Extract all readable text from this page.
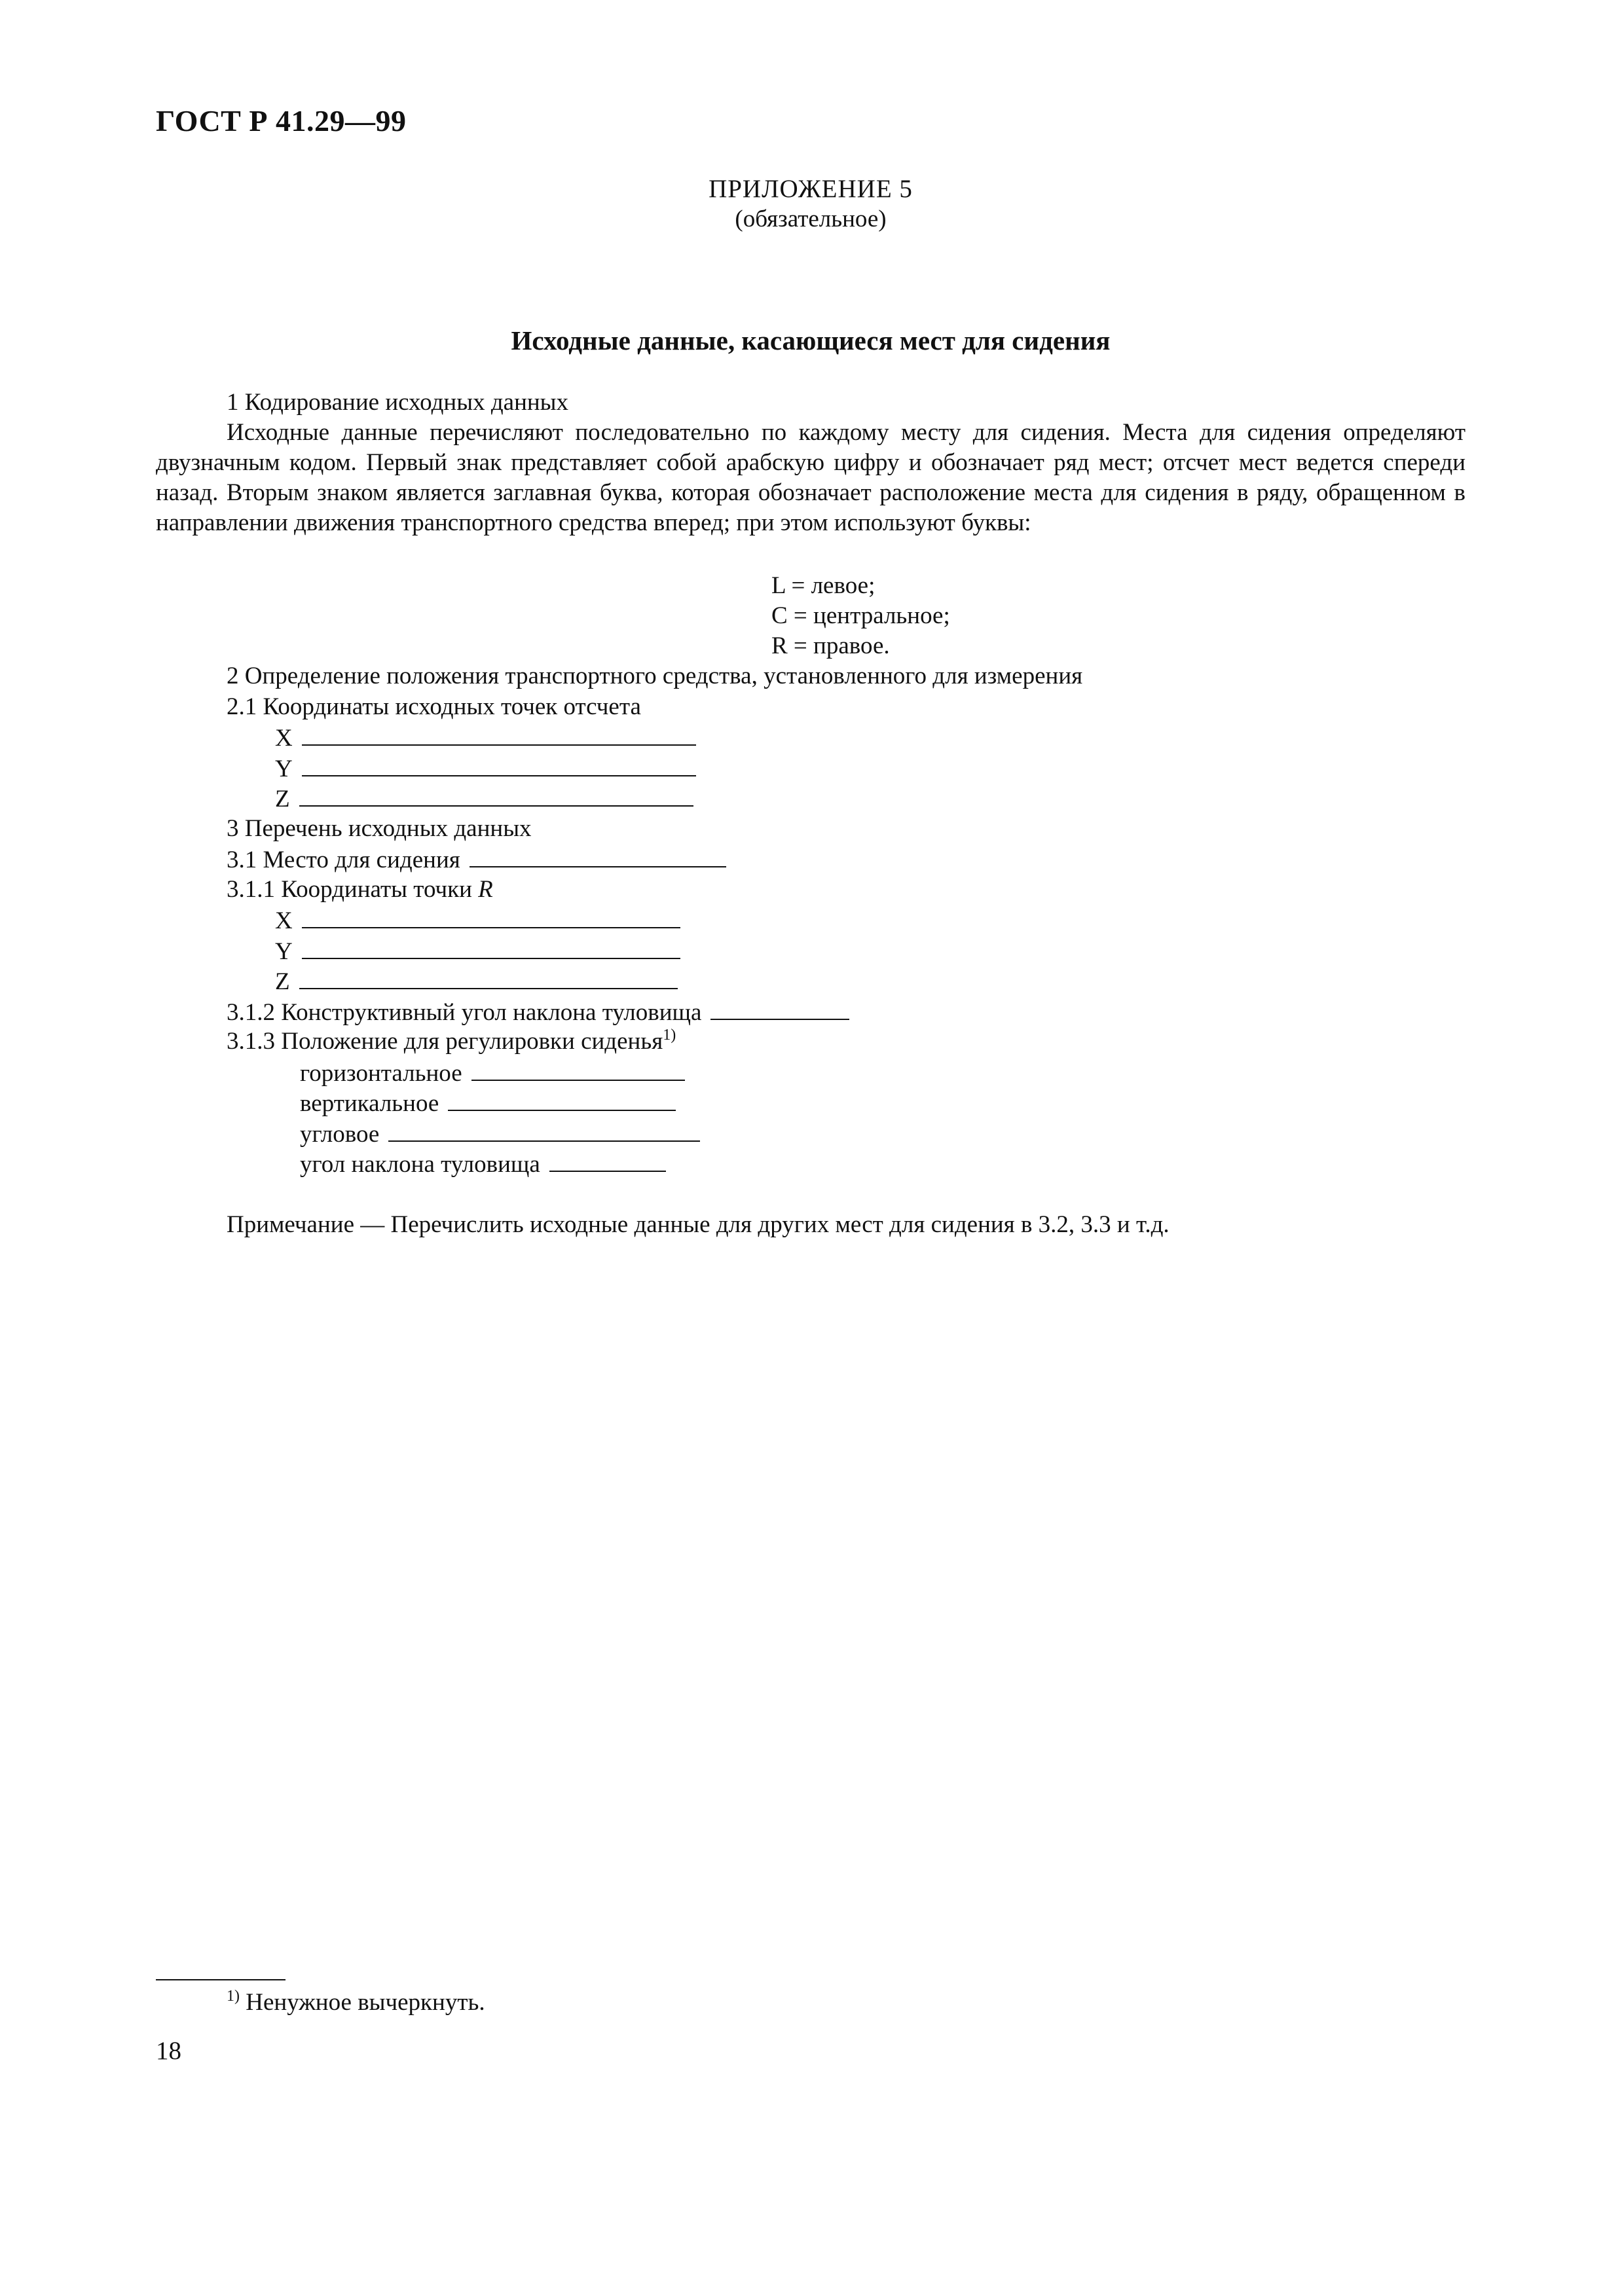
ГОСТ Р 41.29—99
ПРИЛОЖЕНИЕ 5
(обязательное)
Исходные данные, касающиеся мест для сидения
1 Кодирование исходных данных
Исходные данные перечисляют последовательно по каждому месту для сидения. Места для сидения определяют двузначным кодом. Первый знак представляет собой арабскую цифру и обозначает ряд мест; отсчет мест ведется спереди назад. Вторым знаком является заглавная буква, которая обозначает расположение места для сидения в ряду, обращенном в направлении движения транспортного средства вперед; при этом используют буквы:
L = левое;
C = центральное;
R = правое.
2 Определение положения транспортного средства, установленного для измерения
2.1 Координаты исходных точек отсчета
X
Y
Z
3 Перечень исходных данных
3.1 Место для сидения
3.1.1 Координаты точки R
X
Y
Z
3.1.2 Конструктивный угол наклона туловища
3.1.3 Положение для регулировки сиденья$^{1)}$
горизонтальное
вертикальное
угловое
угол наклона туловища
Примечание — Перечислить исходные данные для других мест для сидения в 3.2, 3.3 и т.д.
$^{1)}$ Ненужное вычеркнуть.
18
